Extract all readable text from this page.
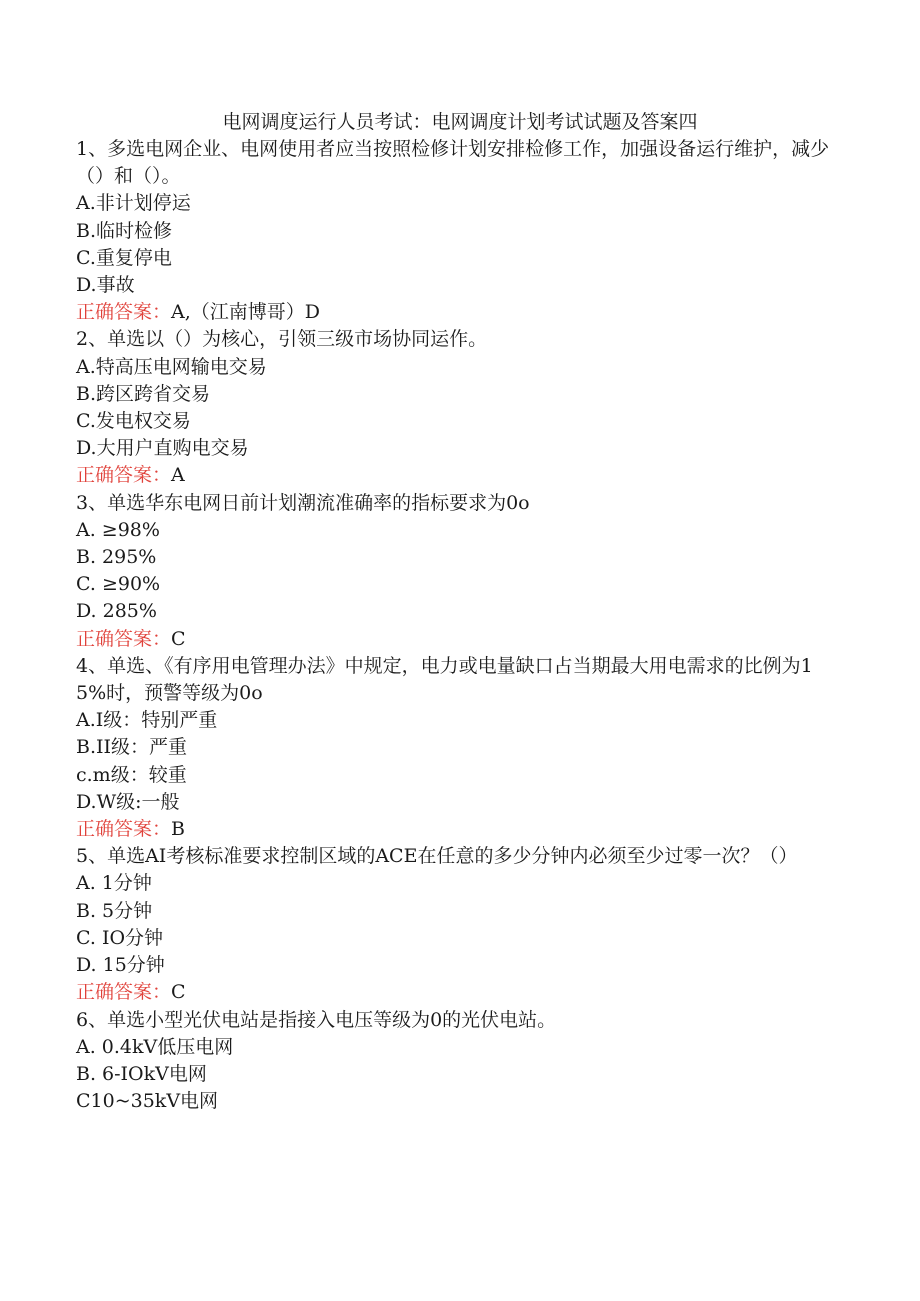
电网调度运行人员考试：电网调度计划考试试题及答案四
1、多选电网企业、电网使用者应当按照检修计划安排检修工作，加强设备运行维护，减少（）和（）。
A.非计划停运
B.临时检修
C.重复停电
D.事故
正确答案：A,（江南博哥）D
2、单选以（）为核心，引领三级市场协同运作。
A.特高压电网输电交易
B.跨区跨省交易
C.发电权交易
D.大用户直购电交易
正确答案：A
3、单选华东电网日前计划潮流准确率的指标要求为0o
A. ≥98%
B. 295%
C. ≥90%
D. 285%
正确答案：C
4、单选、《有序用电管理办法》中规定，电力或电量缺口占当期最大用电需求的比例为15%时，预警等级为0o
A.I级：特别严重
B.II级：严重
c.m级：较重
D.W级:一般
正确答案：B
5、单选AI考核标准要求控制区域的ACE在任意的多少分钟内必须至少过零一次？（）
A. 1分钟
B. 5分钟
C. IO分钟
D. 15分钟
正确答案：C
6、单选小型光伏电站是指接入电压等级为0的光伏电站。
A. 0.4kV低压电网
B. 6-IOkV电网
C10~35kV电网
